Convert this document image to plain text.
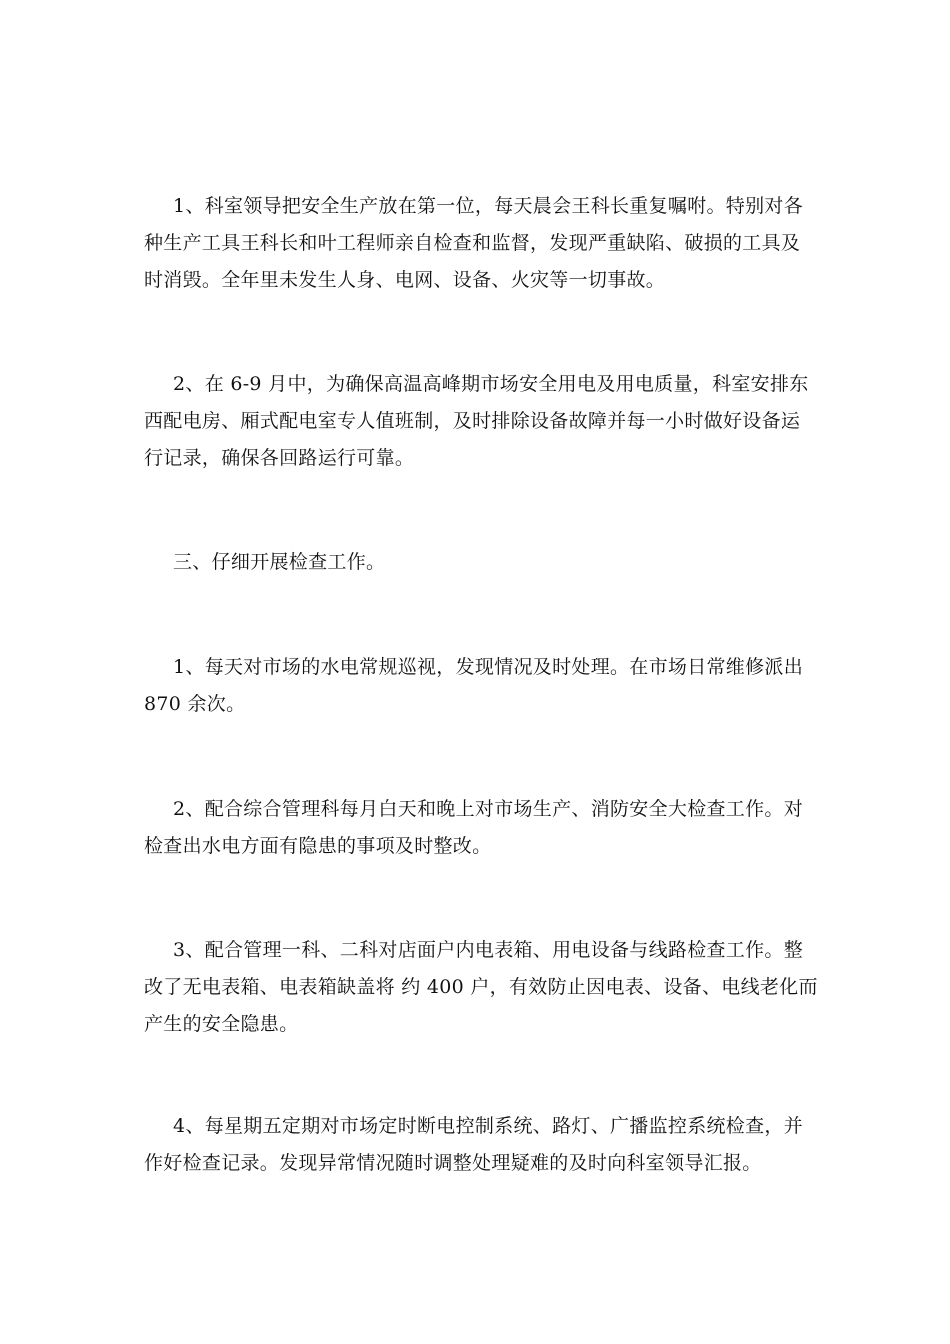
1、科室领导把安全生产放在第一位，每天晨会王科长重复嘱咐。特别对各
种生产工具王科长和叶工程师亲自检查和监督，发现严重缺陷、破损的工具及
时消毁。全年里未发生人身、电网、设备、火灾等一切事故。
2、在 6-9 月中，为确保高温高峰期市场安全用电及用电质量，科室安排东
西配电房、厢式配电室专人值班制，及时排除设备故障并每一小时做好设备运
行记录，确保各回路运行可靠。
三、仔细开展检查工作。
1、每天对市场的水电常规巡视，发现情况及时处理。在市场日常维修派出
870 余次。
2、配合综合管理科每月白天和晚上对市场生产、消防安全大检查工作。对
检查出水电方面有隐患的事项及时整改。
3、配合管理一科、二科对店面户内电表箱、用电设备与线路检查工作。整
改了无电表箱、电表箱缺盖将 约 400 户，有效防止因电表、设备、电线老化而
产生的安全隐患。
4、每星期五定期对市场定时断电控制系统、路灯、广播监控系统检查，并
作好检查记录。发现异常情况随时调整处理疑难的及时向科室领导汇报。
